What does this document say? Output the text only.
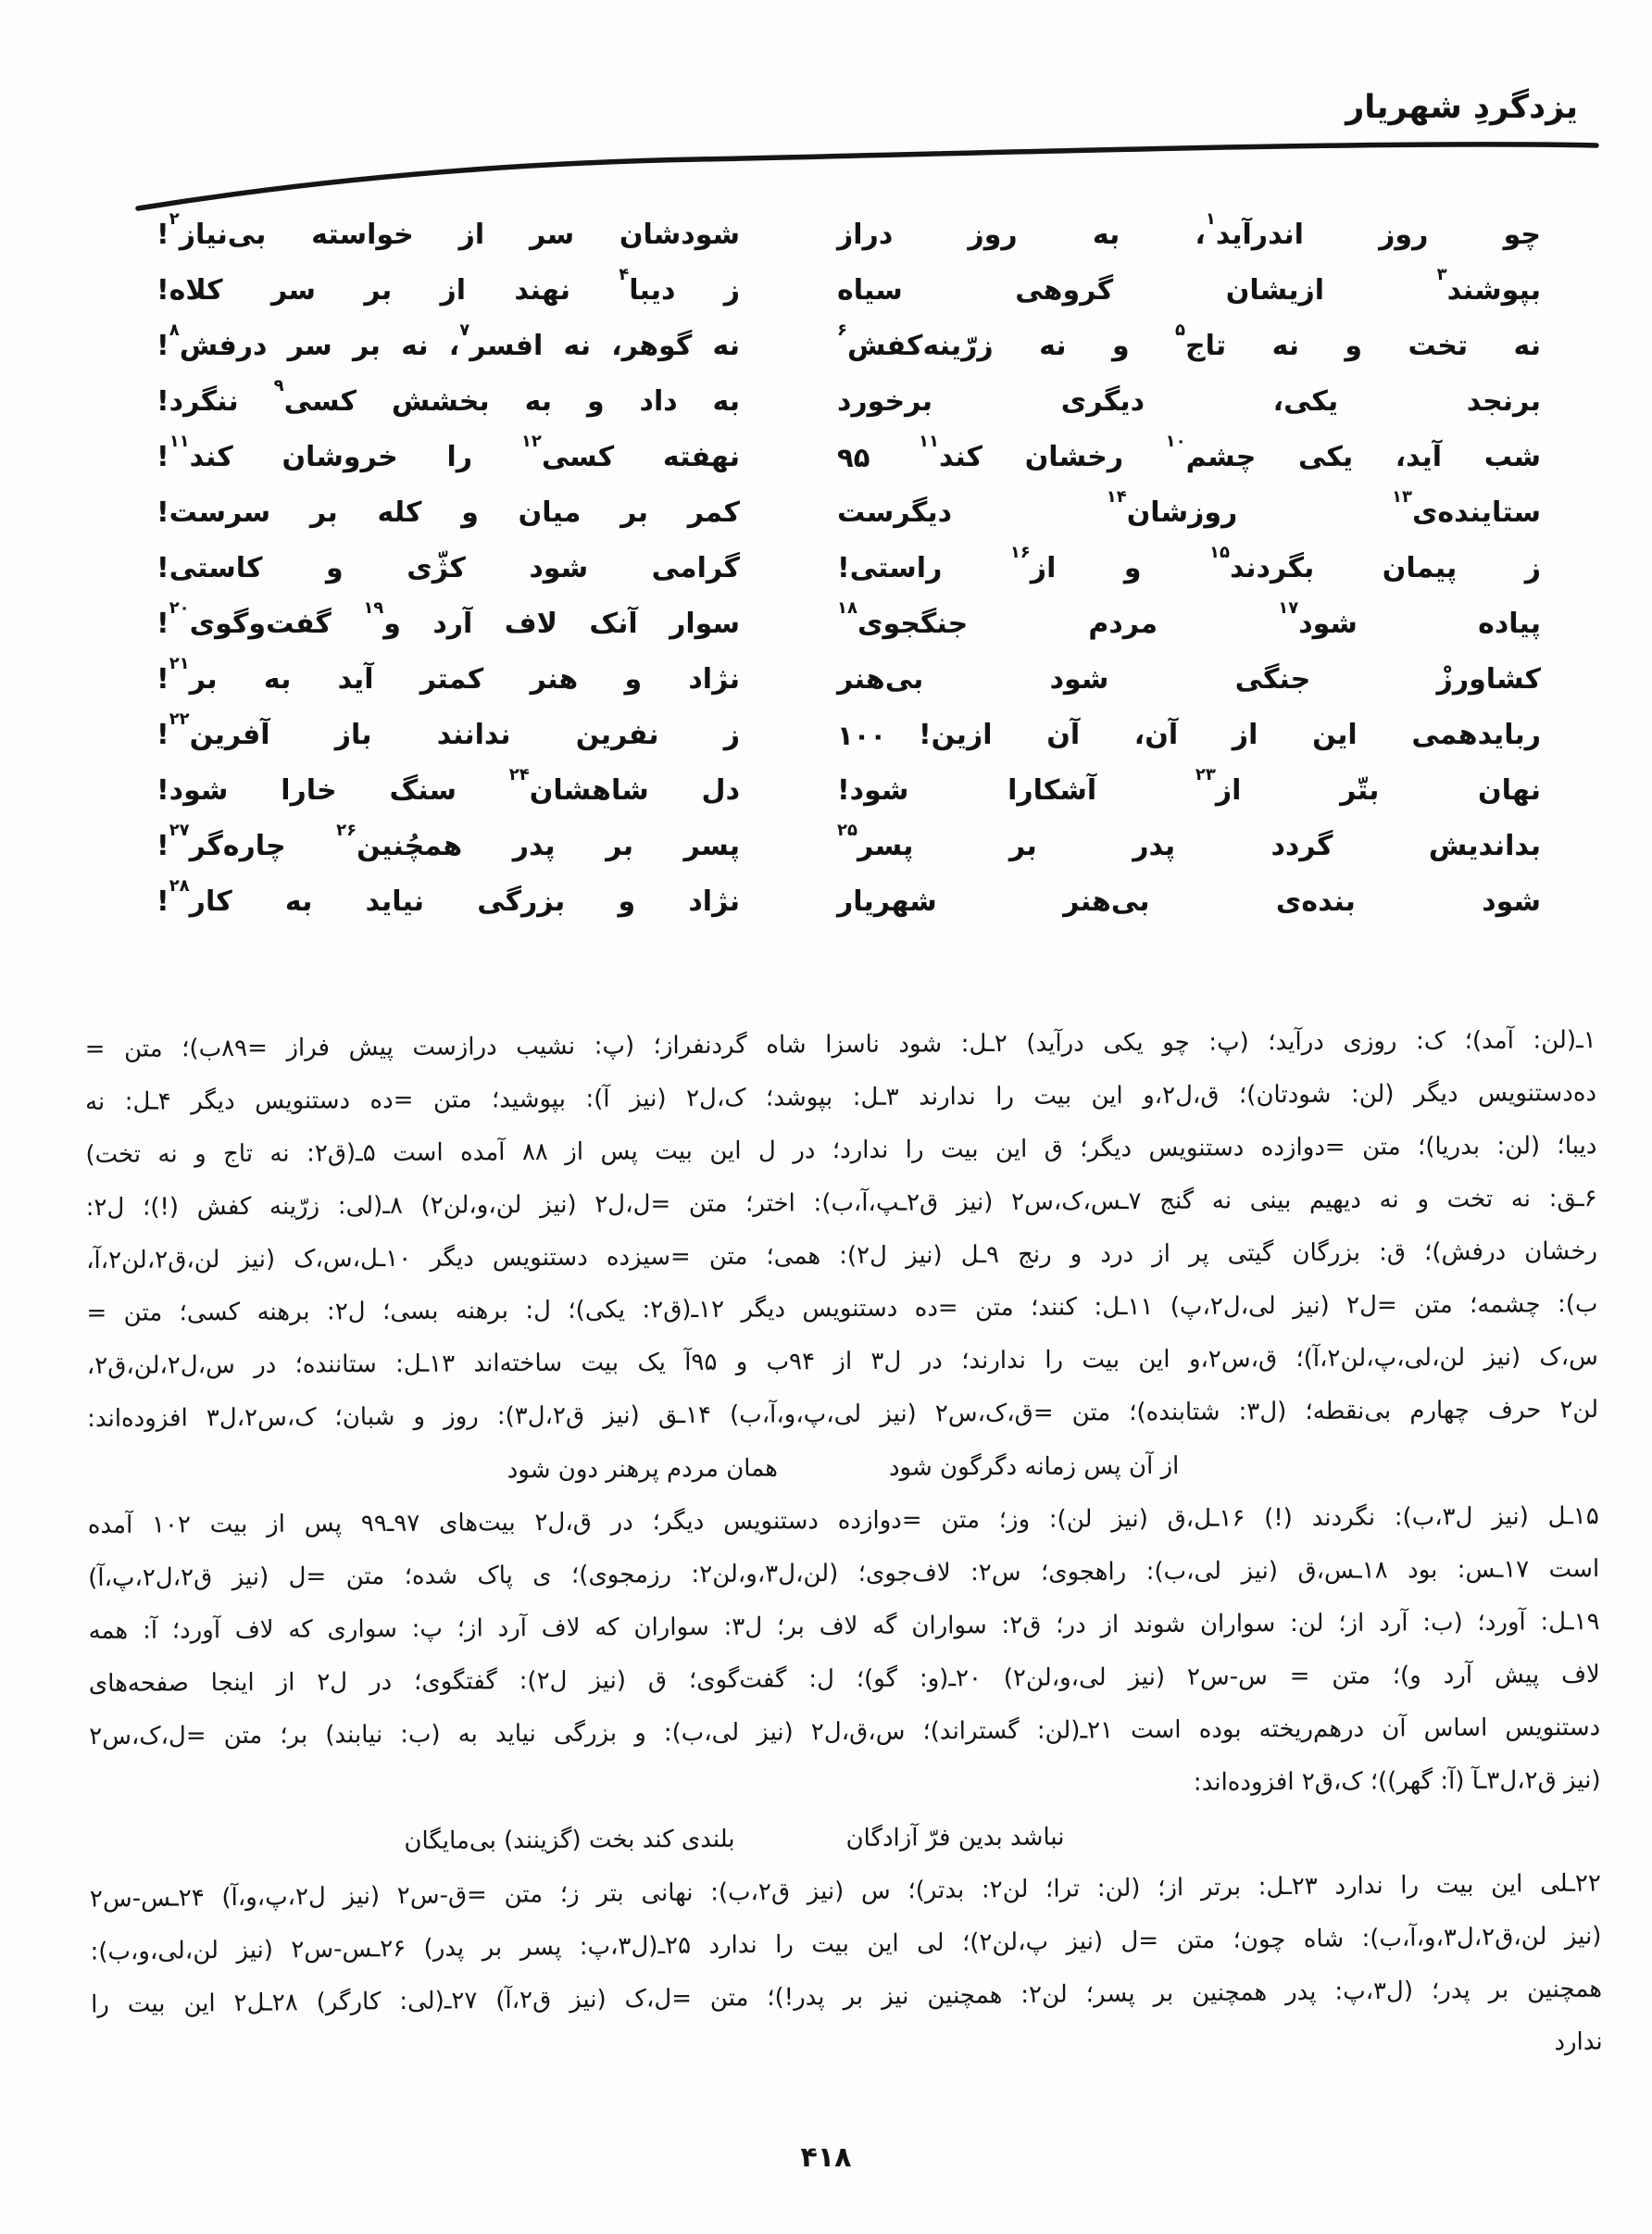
یزدگردِ شهریار
چو روز اندرآید$^۱$، به روز دراز
شودشان سر از خواسته بی‌نیاز$^۲$!
بپوشند$^۳$ ازیشان گروهی سیاه
ز دیبا$^۴$ نهند از بر سر کلاه!
نه تخت و نه تاج$^۵$ و نه زرّینه‌کفش$^۶$
نه گوهر، نه افسر$^۷$، نه بر سر درفش$^۸$!
برنجد یکی، دیگری برخورد
به داد و به بخشش کسی$^۹$ ننگرد!
۹۵	شب آید، یکی چشم$^{۱۰}$ رخشان کند$^{۱۱}$
نهفته کسی$^{۱۲}$ را خروشان کند$^{۱۱}$!
ستاینده‌ی$^{۱۳}$ روزشان$^{۱۴}$ دیگرست
کمر بر میان و کله بر سرست!
ز پیمان بگردند$^{۱۵}$ و از$^{۱۶}$ راستی!
گرامی شود کژّی و کاستی!
پیاده شود$^{۱۷}$ مردم جنگجوی$^{۱۸}$
سوار آنک لاف آرد و$^{۱۹}$ گفت‌وگوی$^{۲۰}$!
کشاورزْ جنگی شود بی‌هنر
نژاد و هنر کمتر آید به بر$^{۲۱}$!
۱۰۰	ربایدهمی این از آن، آن ازین!
ز نفرین ندانند باز آفرین$^{۲۲}$!
نهان بتّر از$^{۲۳}$ آشکارا شود!
دل شاهشان$^{۲۴}$ سنگ خارا شود!
بداندیش گردد پدر بر پسر$^{۲۵}$
پسر بر پدر همچُنین$^{۲۶}$ چاره‌گر$^{۲۷}$!
شود بنده‌ی بی‌هنر شهریار
نژاد و بزرگی نیاید به کار$^{۲۸}$!
۱ـ(لن: آمد)؛ ک: روزی درآید؛ (پ: چو یکی درآید) ۲ـل: شود ناسزا شاه گردنفراز؛ (پ: نشیب درازست پیش فراز =۸۹ب)؛ متن =
ده‌دستنویس دیگر (لن: شودتان)؛ ق،ل۲،و این بیت را ندارند ۳ـل: بپوشد؛ ک،ل۲ (نیز آ): بپوشید؛ متن =ده دستنویس دیگر ۴ـل: نه
دیبا؛ (لن: بدریا)؛ متن =دوازده دستنویس دیگر؛ ق این بیت را ندارد؛ در ل این بیت پس از ۸۸ آمده است ۵ـ(ق۲: نه تاج و نه تخت)
۶ـق: نه تخت و نه دیهیم بینی نه گنج ۷ـس،ک،س۲ (نیز ق۲ـپ،آ،ب): اختر؛ متن =ل،ل۲ (نیز لن،و،لن۲) ۸ـ(لی: زرّینه کفش (!)؛ ل۲:
رخشان درفش)؛ ق: بزرگان گیتی پر از درد و رنج ۹ـل (نیز ل۲): همی؛ متن =سیزده دستنویس دیگر ۱۰ـل،س،ک (نیز لن،ق۲،لن۲،آ،
ب): چشمه؛ متن =ل۲ (نیز لی،ل۲،پ) ۱۱ـل: کنند؛ متن =ده دستنویس دیگر ۱۲ـ(ق۲: یکی)؛ ل: برهنه بسی؛ ل۲: برهنه کسی؛ متن =
س،ک (نیز لن،لی،پ،لن۲،آ)؛ ق،س۲،و این بیت را ندارند؛ در ل۳ از ۹۴ب و ۹۵آ یک بیت ساخته‌اند ۱۳ـل: ستاننده؛ در س،ل۲،لن،ق۲،
لن۲ حرف چهارم بی‌نقطه؛ (ل۳: شتابنده)؛ متن =ق،ک،س۲ (نیز لی،پ،و،آ،ب) ۱۴ـق (نیز ق۲،ل۳): روز و شبان؛ ک،س۲،ل۳ افزوده‌اند:
از آن پس زمانه دگرگون شود
همان مردم پرهنر دون شود
۱۵ـل (نیز ل۳،ب): نگردند (!) ۱۶ـل،ق (نیز لن): وز؛ متن =دوازده دستنویس دیگر؛ در ق،ل۲ بیت‌های ۹۷ـ۹۹ پس از بیت ۱۰۲ آمده
است ۱۷ـس: بود ۱۸ـس،ق (نیز لی،ب): راهجوی؛ س۲: لاف‌جوی؛ (لن،ل۳،و،لن۲: رزمجوی)؛ ی پاک شده؛ متن =ل (نیز ق۲،ل۲،پ،آ)
۱۹ـل: آورد؛ (ب: آرد از؛ لن: سواران شوند از در؛ ق۲: سواران گه لاف بر؛ ل۳: سواران که لاف آرد از؛ پ: سواری که لاف آورد؛ آ: همه
لاف پیش آرد و)؛ متن = س-س۲ (نیز لی،و،لن۲) ۲۰ـ(و: گو)؛ ل: گفت‌گوی؛ ق (نیز ل۲): گفتگوی؛ در ل۲ از اینجا صفحه‌های
دستنویس اساس آن درهم‌ریخته بوده است ۲۱ـ(لن: گستراند)؛ س،ق،ل۲ (نیز لی،ب): و بزرگی نیاید به (ب: نیابند) بر؛ متن =ل،ک،س۲
(نیز ق۲،ل۳ـآ (آ: گهر))؛ ک،ق۲ افزوده‌اند:
نباشد بدین فرّ آزادگان
بلندی کند بخت (گزینند) بی‌مایگان
۲۲ـلی این بیت را ندارد ۲۳ـل: برتر از؛ (لن: ترا؛ لن۲: بدتر)؛ س (نیز ق۲،ب): نهانی بتر ز؛ متن =ق-س۲ (نیز ل۲،پ،و،آ) ۲۴ـس-س۲
(نیز لن،ق۲،ل۳،و،آ،ب): شاه چون؛ متن =ل (نیز پ،لن۲)؛ لی این بیت را ندارد ۲۵ـ(ل۳،پ: پسر بر پدر) ۲۶ـس-س۲ (نیز لن،لی،و،ب):
همچنین بر پدر؛ (ل۳،پ: پدر همچنین بر پسر؛ لن۲: همچنین نیز بر پدر!)؛ متن =ل،ک (نیز ق۲،آ) ۲۷ـ(لی: کارگر) ۲۸ـل۲ این بیت را
ندارد
۴۱۸
